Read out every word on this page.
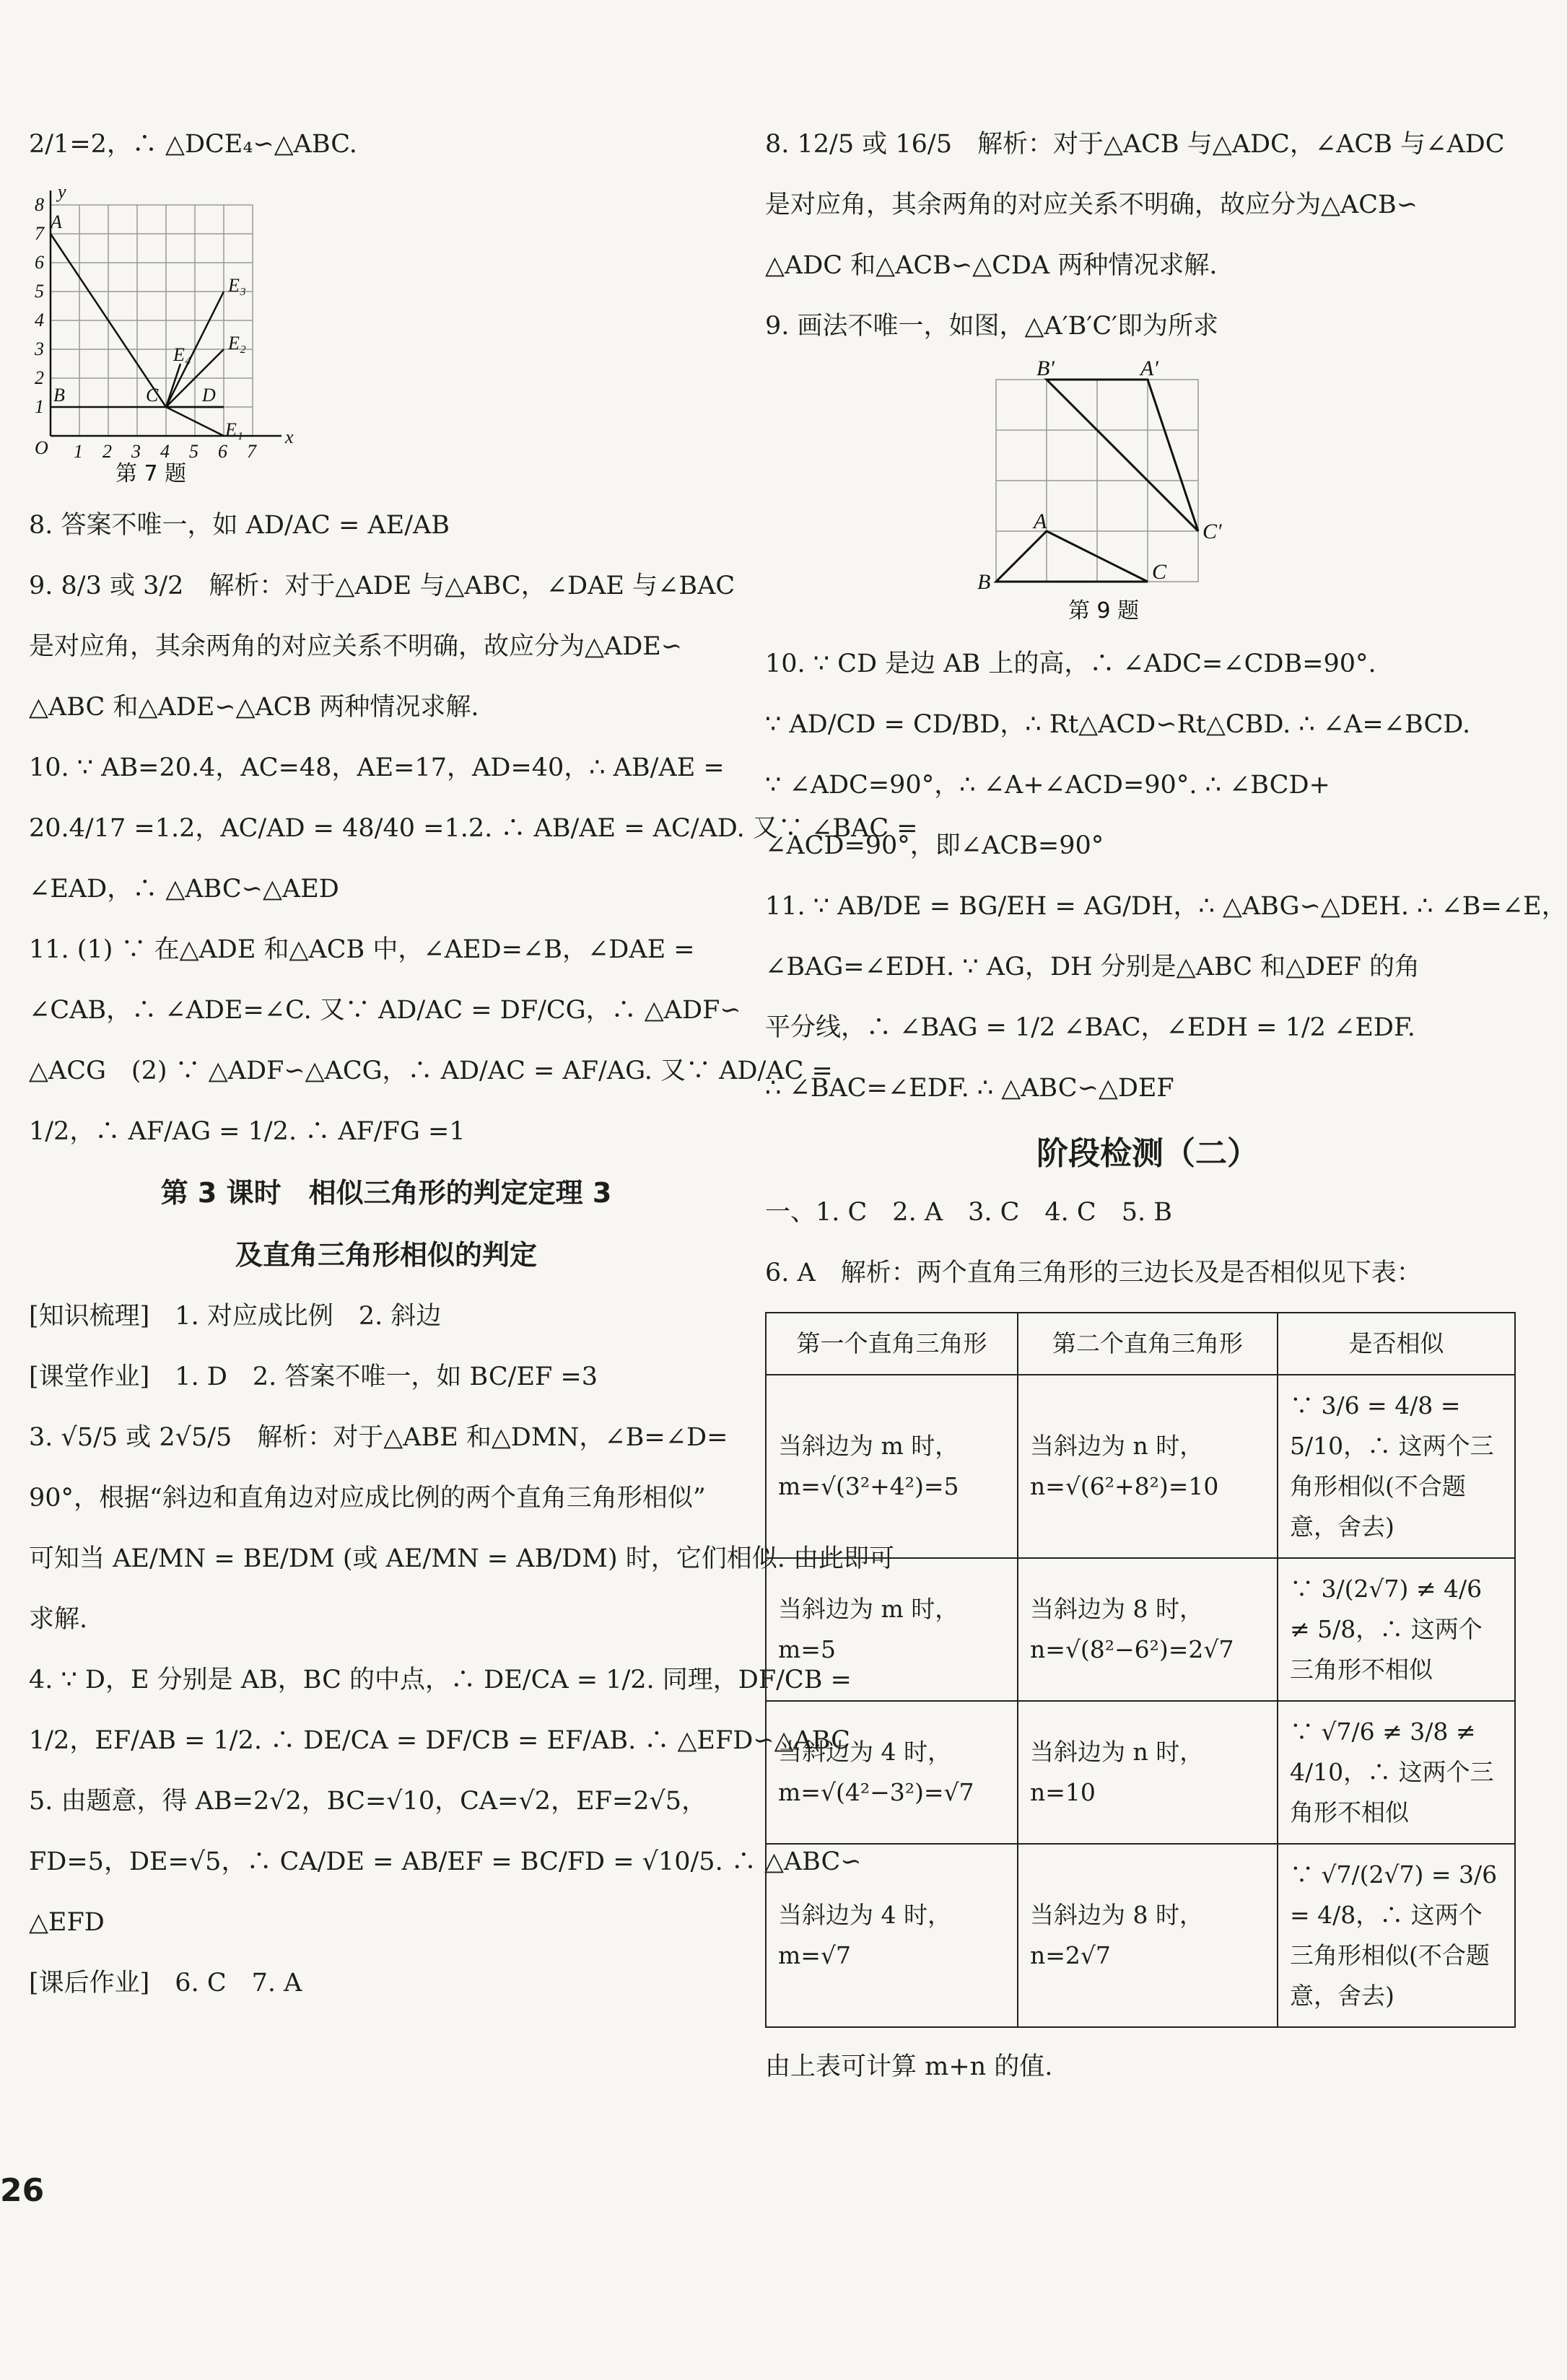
2/1=2，∴ △DCE₄∽△ABC.
A
B	C D
E₁
E₂
E₃
E₄
y
x
O 1 2 3 4 5 6 7
1
2
3
4
5
6
7
8
第 7 题
8. 答案不唯一，如 AD/AC = AE/AB
9. 8/3 或 3/2　解析：对于△ADE 与△ABC，∠DAE 与∠BAC
是对应角，其余两角的对应关系不明确，故应分为△ADE∽
△ABC 和△ADE∽△ACB 两种情况求解.
10. ∵ AB=20.4，AC=48，AE=17，AD=40，∴ AB/AE =
20.4/17 =1.2，AC/AD = 48/40 =1.2. ∴ AB/AE = AC/AD. 又∵ ∠BAC =
∠EAD，∴ △ABC∽△AED
11. (1) ∵ 在△ADE 和△ACB 中，∠AED=∠B，∠DAE =
∠CAB，∴ ∠ADE=∠C. 又∵ AD/AC = DF/CG，∴ △ADF∽
△ACG　(2) ∵ △ADF∽△ACG，∴ AD/AC = AF/AG. 又∵ AD/AC =
1/2，∴ AF/AG = 1/2. ∴ AF/FG =1
第 3 课时　相似三角形的判定定理 3
及直角三角形相似的判定
[知识梳理]　1. 对应成比例　2. 斜边
[课堂作业]　1. D　2. 答案不唯一，如 BC/EF =3
3. √5/5 或 2√5/5　解析：对于△ABE 和△DMN，∠B=∠D=
90°，根据“斜边和直角边对应成比例的两个直角三角形相似”
可知当 AE/MN = BE/DM (或 AE/MN = AB/DM) 时，它们相似. 由此即可
求解.
4. ∵ D，E 分别是 AB，BC 的中点，∴ DE/CA = 1/2. 同理，DF/CB =
1/2，EF/AB = 1/2. ∴ DE/CA = DF/CB = EF/AB. ∴ △EFD∽△ABC
5. 由题意，得 AB=2√2，BC=√10，CA=√2，EF=2√5，
FD=5，DE=√5，∴ CA/DE = AB/EF = BC/FD = √10/5. ∴ △ABC∽
△EFD
[课后作业]　6. C　7. A
8. 12/5 或 16/5　解析：对于△ACB 与△ADC，∠ACB 与∠ADC
是对应角，其余两角的对应关系不明确，故应分为△ACB∽
△ADC 和△ACB∽△CDA 两种情况求解.
9. 画法不唯一，如图，△A′B′C′即为所求
B′	A′
C′
A
B	C
第 9 题
10. ∵ CD 是边 AB 上的高，∴ ∠ADC=∠CDB=90°.
∵ AD/CD = CD/BD，∴ Rt△ACD∽Rt△CBD. ∴ ∠A=∠BCD.
∵ ∠ADC=90°，∴ ∠A+∠ACD=90°. ∴ ∠BCD+
∠ACD=90°，即∠ACB=90°
11. ∵ AB/DE = BG/EH = AG/DH，∴ △ABG∽△DEH. ∴ ∠B=∠E，
∠BAG=∠EDH. ∵ AG，DH 分别是△ABC 和△DEF 的角
平分线，∴ ∠BAG = 1/2 ∠BAC，∠EDH = 1/2 ∠EDF.
∴ ∠BAC=∠EDF. ∴ △ABC∽△DEF
阶段检测（二）
一、1. C　2. A　3. C　4. C　5. B
6. A　解析：两个直角三角形的三边长及是否相似见下表：
第一个直角三角形	第二个直角三角形	是否相似
当斜边为 m 时，m=√(3²+4²)=5	当斜边为 n 时，n=√(6²+8²)=10	∵ 3/6 = 4/8 = 5/10，∴ 这两个三角形相似(不合题意，舍去)
当斜边为 m 时，m=5	当斜边为 8 时，n=√(8²−6²)=2√7	∵ 3/(2√7) ≠ 4/6 ≠ 5/8，∴ 这两个三角形不相似
当斜边为 4 时，m=√(4²−3²)=√7	当斜边为 n 时，n=10	∵ √7/6 ≠ 3/8 ≠ 4/10，∴ 这两个三角形不相似
当斜边为 4 时，m=√7	当斜边为 8 时，n=2√7	∵ √7/(2√7) = 3/6 = 4/8，∴ 这两个三角形相似(不合题意，舍去)
由上表可计算 m+n 的值.
26
